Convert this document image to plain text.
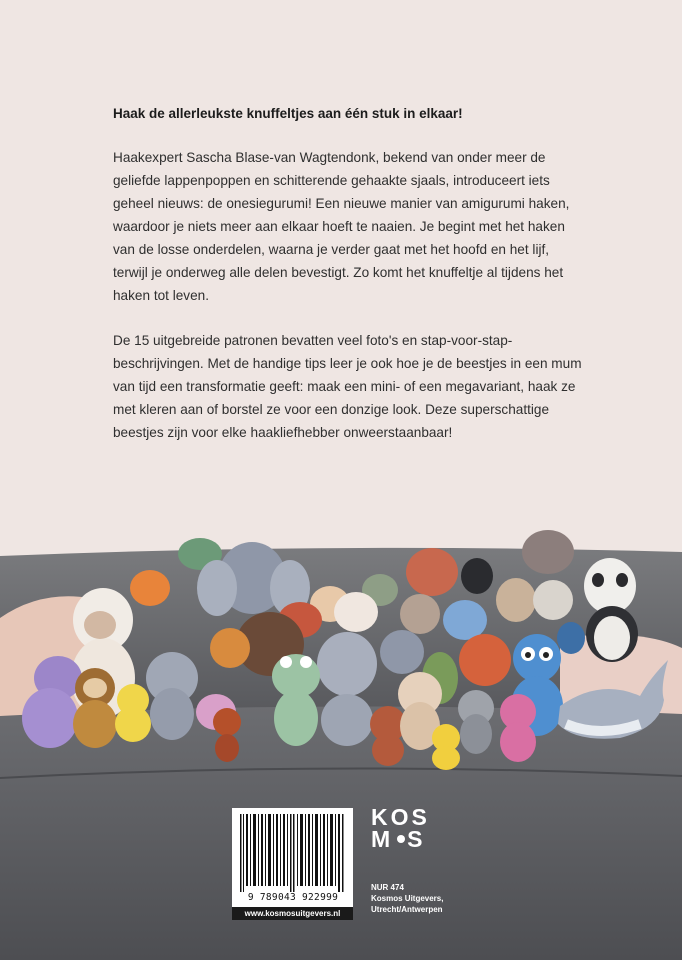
Haak de allerleukste knuffeltjes aan één stuk in elkaar!

Haakexpert Sascha Blase-van Wagtendonk, bekend van onder meer de geliefde lappenpoppen en schitterende gehaakte sjaals, introduceert iets geheel nieuws: de onesiegurumi! Een nieuwe manier van amigurumi haken, waardoor je niets meer aan elkaar hoeft te naaien. Je begint met het haken van de losse onderdelen, waarna je verder gaat met het hoofd en het lijf, terwijl je onderweg alle delen bevestigt. Zo komt het knuffeltje al tijdens het haken tot leven.

De 15 uitgebreide patronen bevatten veel foto's en stap-voor-stap-beschrijvingen. Met de handige tips leer je ook hoe je de beestjes in een mum van tijd een transformatie geeft: maak een mini- of een megavariant, haak ze met kleren aan of borstel ze voor een donzige look. Deze superschattige beestjes zijn voor elke haakliefhebber onweerstaanbaar!

9 789043 922999
www.kosmosuitgevers.nl
KOS
M S
NUR 474
Kosmos Uitgevers,
Utrecht/Antwerpen
